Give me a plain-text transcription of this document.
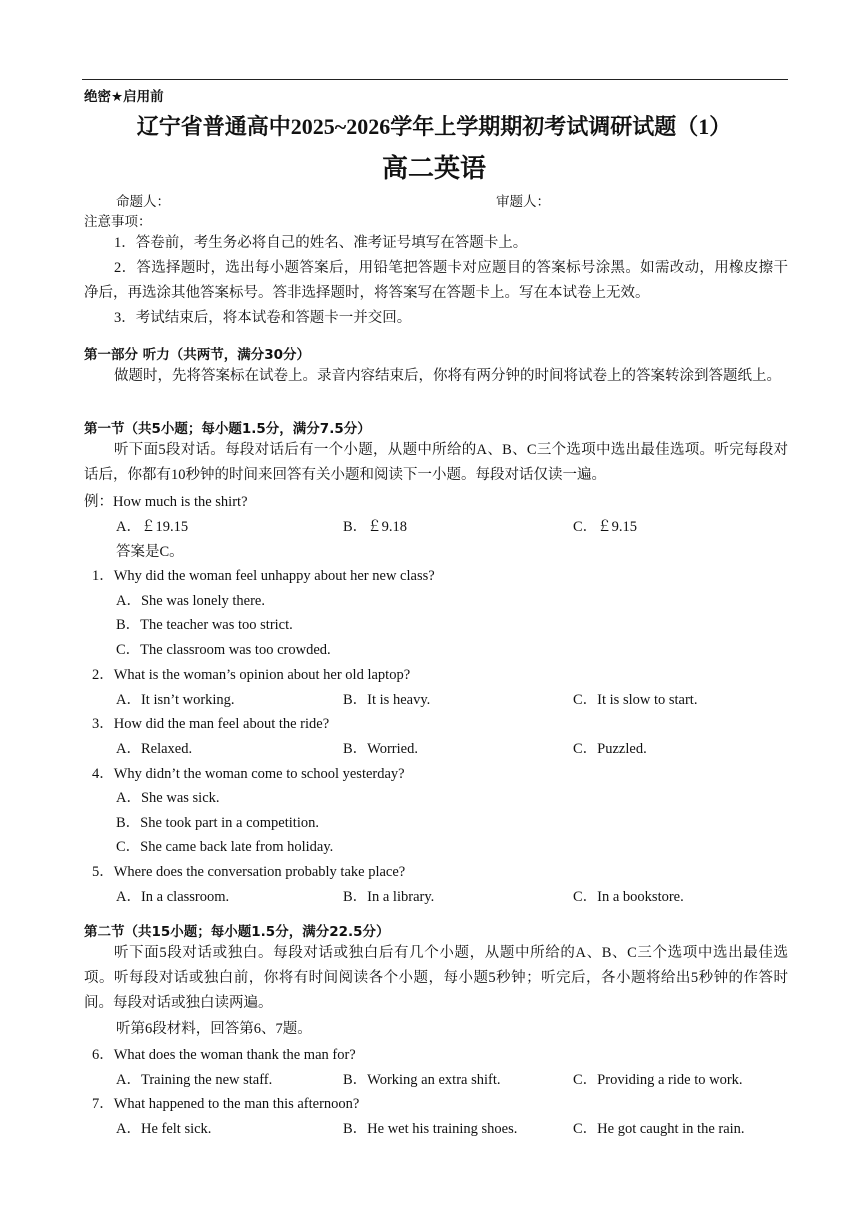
绝密★启用前
辽宁省普通高中2025~2026学年上学期期初考试调研试题（1）
高二英语
命题人：	审题人：
注意事项：
1．答卷前，考生务必将自己的姓名、准考证号填写在答题卡上。
2．答选择题时，选出每小题答案后，用铅笔把答题卡对应题目的答案标号涂黑。如需改动，用橡皮擦干净后，再选涂其他答案标号。答非选择题时，将答案写在答题卡上。写在本试卷上无效。
3．考试结束后，将本试卷和答题卡一并交回。
第一部分 听力（共两节，满分30分）
做题时，先将答案标在试卷上。录音内容结束后，你将有两分钟的时间将试卷上的答案转涂到答题纸上。
第一节（共5小题；每小题1.5分，满分7.5分）
听下面5段对话。每段对话后有一个小题，从题中所给的A、B、C三个选项中选出最佳选项。听完每段对话后，你都有10秒钟的时间来回答有关小题和阅读下一小题。每段对话仅读一遍。
例：How much is the shirt?
A．￡19.15	B．￡9.18	C．￡9.15
答案是C。
1．Why did the woman feel unhappy about her new class?
A．She was lonely there.
B．The teacher was too strict.
C．The classroom was too crowded.
2．What is the woman’s opinion about her old laptop?
A．It isn’t working.	B．It is heavy.	C．It is slow to start.
3．How did the man feel about the ride?
A．Relaxed.	B．Worried.	C．Puzzled.
4．Why didn’t the woman come to school yesterday?
A．She was sick.
B．She took part in a competition.
C．She came back late from holiday.
5．Where does the conversation probably take place?
A．In a classroom.	B．In a library.	C．In a bookstore.
第二节（共15小题；每小题1.5分，满分22.5分）
听下面5段对话或独白。每段对话或独白后有几个小题，从题中所给的A、B、C三个选项中选出最佳选项。听每段对话或独白前，你将有时间阅读各个小题，每小题5秒钟；听完后，各小题将给出5秒钟的作答时间。每段对话或独白读两遍。
听第6段材料，回答第6、7题。
6．What does the woman thank the man for?
A．Training the new staff.	B．Working an extra shift.	C．Providing a ride to work.
7．What happened to the man this afternoon?
A．He felt sick.	B．He wet his training shoes.	C．He got caught in the rain.
